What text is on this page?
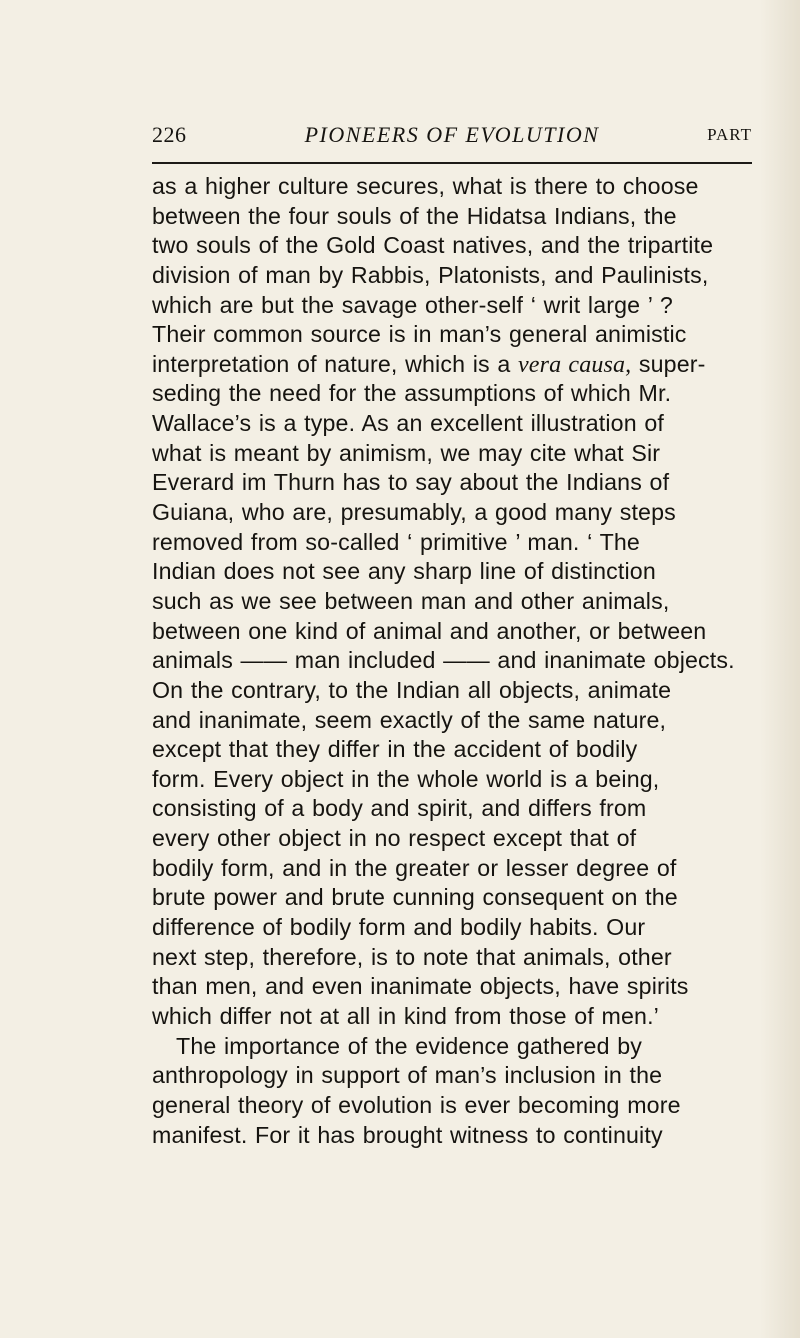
226	PIONEERS OF EVOLUTION	PART
as a higher culture secures, what is there to choose
between the four souls of the Hidatsa Indians, the
two souls of the Gold Coast natives, and the tripartite
division of man by Rabbis, Platonists, and Paulinists,
which are but the savage other-self ‘ writ large ’ ?
Their common source is in man’s general animistic
interpretation of nature, which is a vera causa, super-
seding the need for the assumptions of which Mr.
Wallace’s is a type. As an excellent illustration of
what is meant by animism, we may cite what Sir
Everard im Thurn has to say about the Indians of
Guiana, who are, presumably, a good many steps
removed from so-called ‘ primitive ’ man. ‘ The
Indian does not see any sharp line of distinction
such as we see between man and other animals,
between one kind of animal and another, or between
animals —— man included —— and inanimate objects.
On the contrary, to the Indian all objects, animate
and inanimate, seem exactly of the same nature,
except that they differ in the accident of bodily
form. Every object in the whole world is a being,
consisting of a body and spirit, and differs from
every other object in no respect except that of
bodily form, and in the greater or lesser degree of
brute power and brute cunning consequent on the
difference of bodily form and bodily habits. Our
next step, therefore, is to note that animals, other
than men, and even inanimate objects, have spirits
which differ not at all in kind from those of men.’
The importance of the evidence gathered by
anthropology in support of man’s inclusion in the
general theory of evolution is ever becoming more
manifest. For it has brought witness to continuity
